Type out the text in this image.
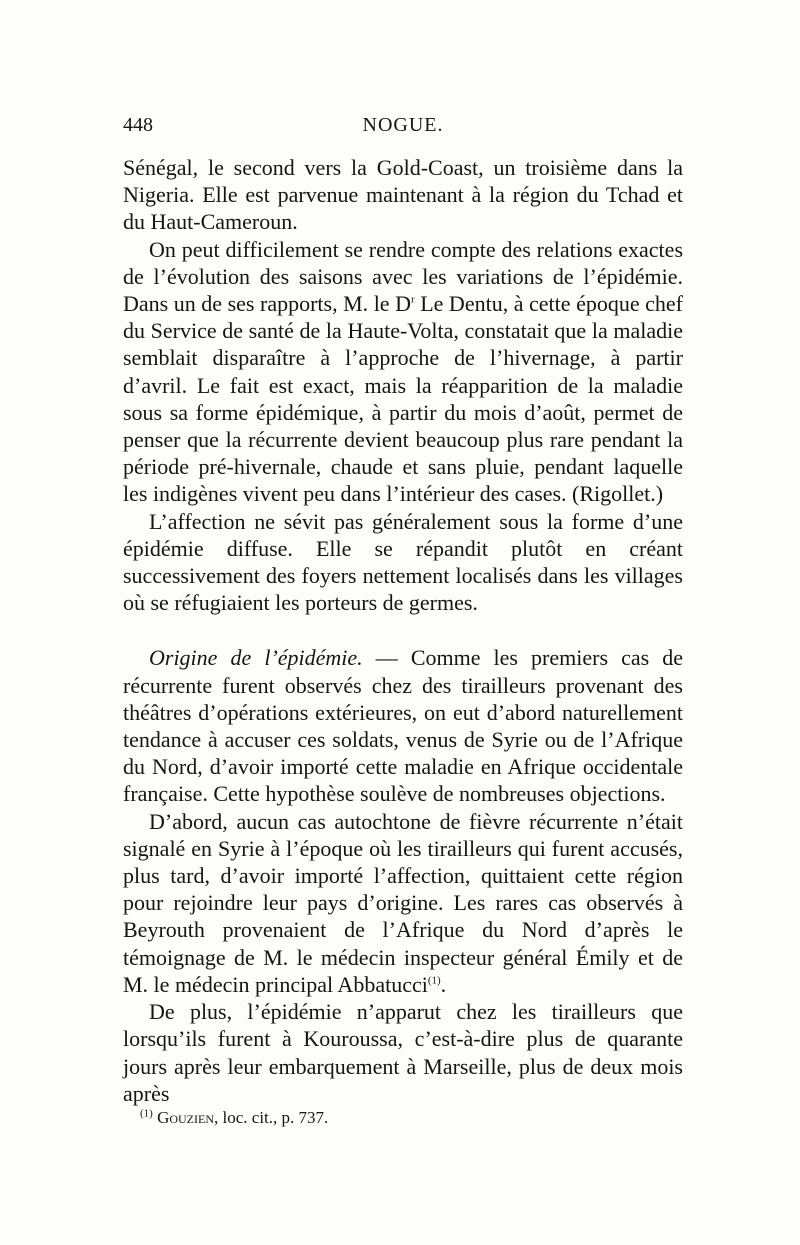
448	NOGUE.

Sénégal, le second vers la Gold-Coast, un troisième dans la Nigeria. Elle est parvenue maintenant à la région du Tchad et du Haut-Cameroun.

On peut difficilement se rendre compte des relations exactes de l’évolution des saisons avec les variations de l’épidémie. Dans un de ses rapports, M. le $D^r$ Le Dentu, à cette époque chef du Service de santé de la Haute-Volta, constatait que la maladie semblait disparaître à l’approche de l’hivernage, à partir d’avril. Le fait est exact, mais la réapparition de la maladie sous sa forme épidémique, à partir du mois d’août, permet de penser que la récurrente devient beaucoup plus rare pendant la période pré-hivernale, chaude et sans pluie, pendant laquelle les indigènes vivent peu dans l’intérieur des cases. (Rigollet.)

L’affection ne sévit pas généralement sous la forme d’une épidémie diffuse. Elle se répandit plutôt en créant successivement des foyers nettement localisés dans les villages où se réfugiaient les porteurs de germes.

Origine de l’épidémie. — Comme les premiers cas de récurrente furent observés chez des tirailleurs provenant des théâtres d’opérations extérieures, on eut d’abord naturellement tendance à accuser ces soldats, venus de Syrie ou de l’Afrique du Nord, d’avoir importé cette maladie en Afrique occidentale française. Cette hypothèse soulève de nombreuses objections.

D’abord, aucun cas autochtone de fièvre récurrente n’était signalé en Syrie à l’époque où les tirailleurs qui furent accusés, plus tard, d’avoir importé l’affection, quittaient cette région pour rejoindre leur pays d’origine. Les rares cas observés à Beyrouth provenaient de l’Afrique du Nord d’après le témoignage de M. le médecin inspecteur général Émily et de M. le médecin principal Abbatucci$^{(1)}$.

De plus, l’épidémie n’apparut chez les tirailleurs que lorsqu’ils furent à Kouroussa, c’est-à-dire plus de quarante jours après leur embarquement à Marseille, plus de deux mois après

$^{(1)}$ Gouzien, loc. cit., p. 737.
